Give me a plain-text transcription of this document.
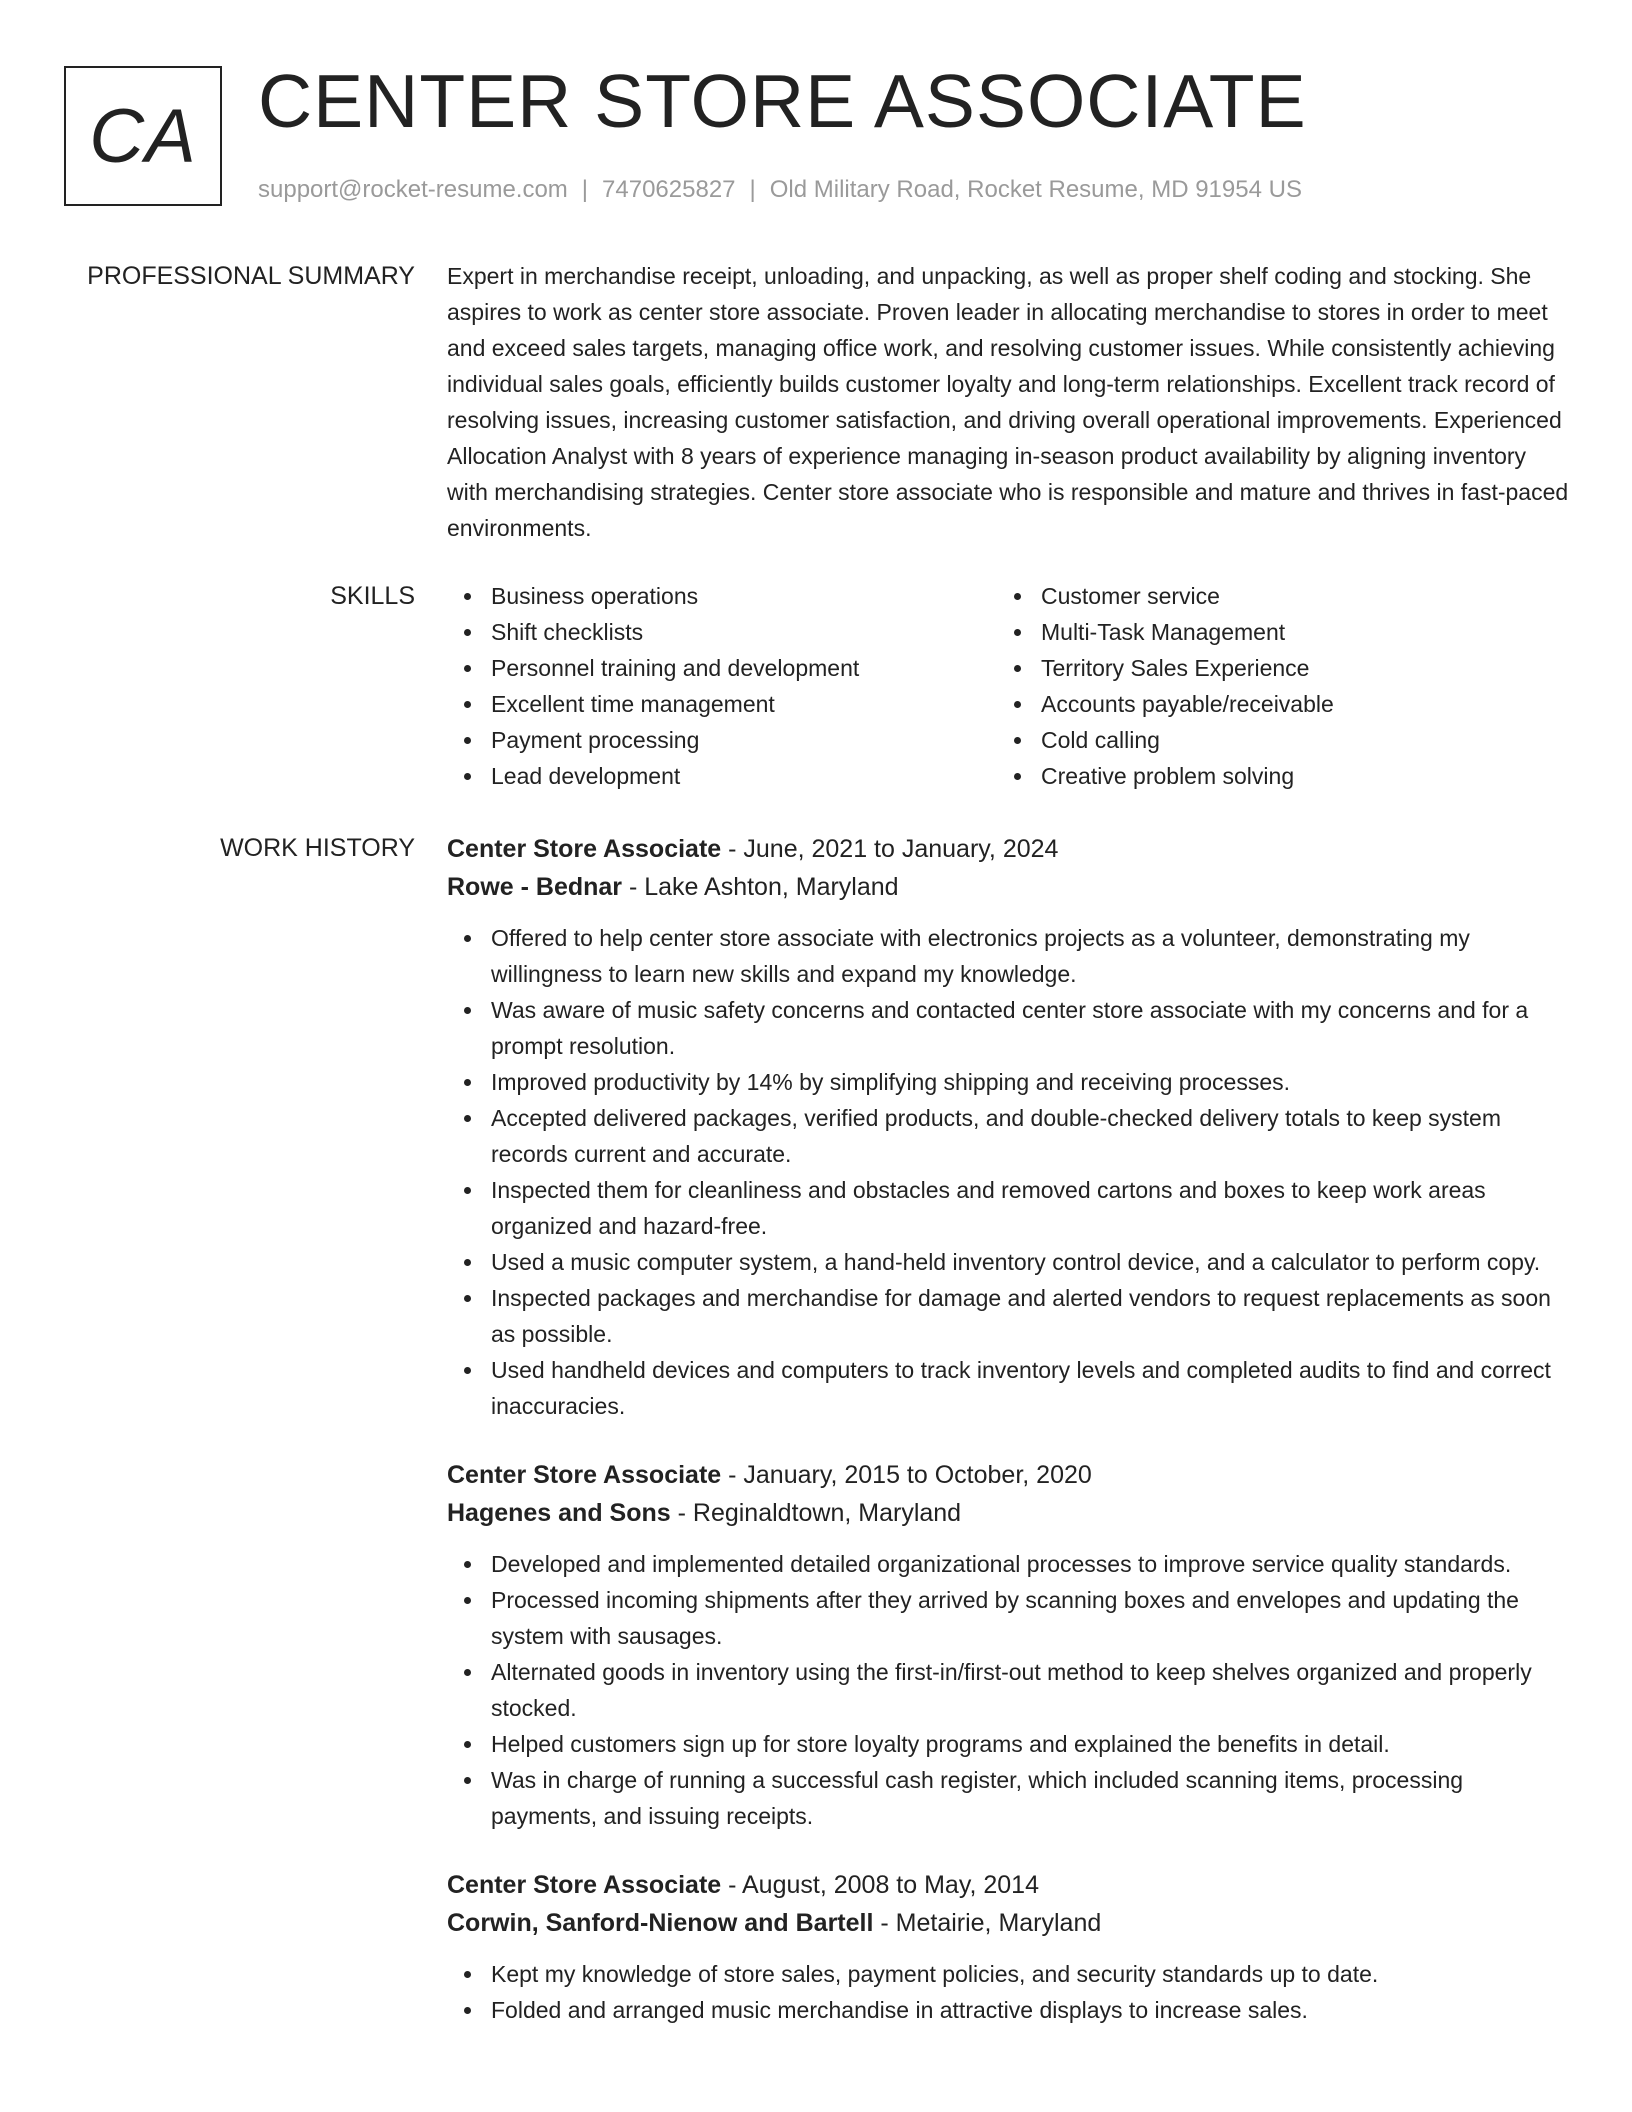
CA CENTER STORE ASSOCIATE
support@rocket-resume.com | 7470625827 | Old Military Road, Rocket Resume, MD 91954 US
PROFESSIONAL SUMMARY Expert in merchandise receipt, unloading, and unpacking, as well as proper shelf coding and stocking. She aspires to work as center store associate. Proven leader in allocating merchandise to stores in order to meet and exceed sales targets, managing office work, and resolving customer issues. While consistently achieving individual sales goals, efficiently builds customer loyalty and long-term relationships. Excellent track record of resolving issues, increasing customer satisfaction, and driving overall operational improvements. Experienced Allocation Analyst with 8 years of experience managing in-season product availability by aligning inventory with merchandising strategies. Center store associate who is responsible and mature and thrives in fast-paced environments.

SKILLS	Business operations
Shift checklists
Personnel training and development
Excellent time management
Payment processing
Lead development
Customer service
Multi-Task Management
Territory Sales Experience
Accounts payable/receivable
Cold calling
Creative problem solving
WORK HISTORY Center Store Associate - June, 2021 to January, 2024
Rowe - Bednar - Lake Ashton, Maryland
Offered to help center store associate with electronics projects as a volunteer, demonstrating my willingness to learn new skills and expand my knowledge.
Was aware of music safety concerns and contacted center store associate with my concerns and for a prompt resolution.
Improved productivity by 14% by simplifying shipping and receiving processes.
Accepted delivered packages, verified products, and double-checked delivery totals to keep system records current and accurate.
Inspected them for cleanliness and obstacles and removed cartons and boxes to keep work areas organized and hazard-free.
Used a music computer system, a hand-held inventory control device, and a calculator to perform copy.
Inspected packages and merchandise for damage and alerted vendors to request replacements as soon as possible.
Used handheld devices and computers to track inventory levels and completed audits to find and correct inaccuracies.
Center Store Associate - January, 2015 to October, 2020
Hagenes and Sons - Reginaldtown, Maryland
Developed and implemented detailed organizational processes to improve service quality standards.
Processed incoming shipments after they arrived by scanning boxes and envelopes and updating the system with sausages.
Alternated goods in inventory using the first-in/first-out method to keep shelves organized and properly stocked.
Helped customers sign up for store loyalty programs and explained the benefits in detail.
Was in charge of running a successful cash register, which included scanning items, processing payments, and issuing receipts.
Center Store Associate - August, 2008 to May, 2014
Corwin, Sanford-Nienow and Bartell - Metairie, Maryland
Kept my knowledge of store sales, payment policies, and security standards up to date.
Folded and arranged music merchandise in attractive displays to increase sales.
